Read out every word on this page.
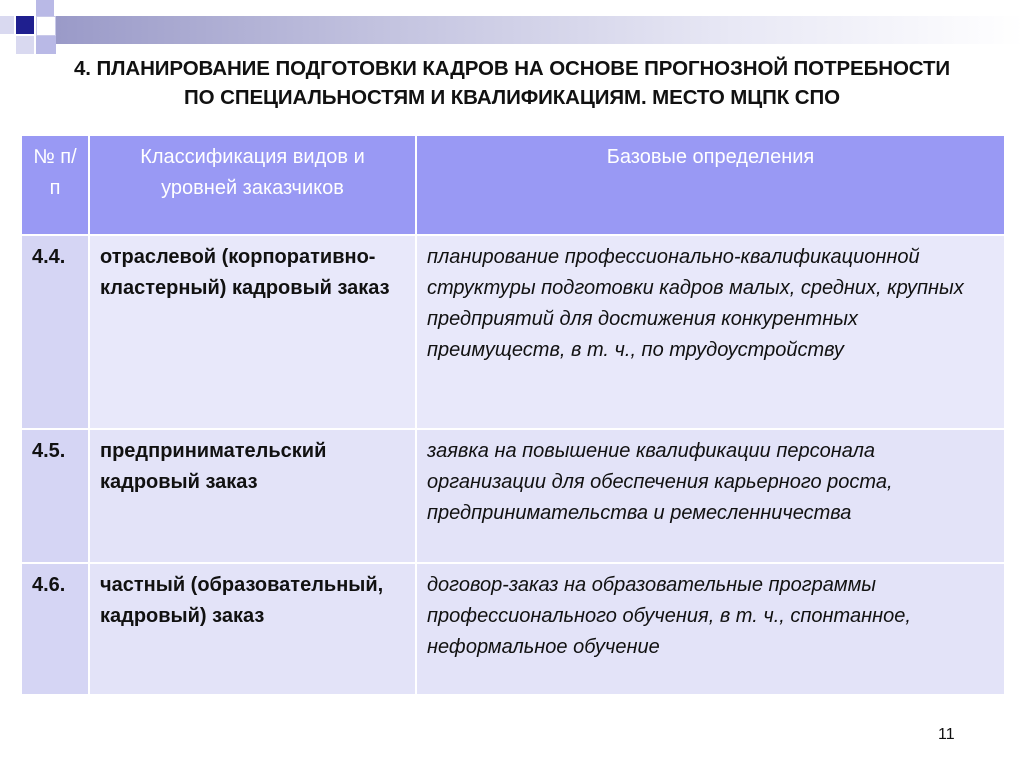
4. ПЛАНИРОВАНИЕ ПОДГОТОВКИ КАДРОВ НА ОСНОВЕ ПРОГНОЗНОЙ ПОТРЕБНОСТИ
ПО СПЕЦИАЛЬНОСТЯМ И КВАЛИФИКАЦИЯМ. МЕСТО МЦПК СПО
№ п/п	Классификация видов и уровней заказчиков	Базовые определения
4.4.	отраслевой (корпоративно-кластерный) кадровый заказ	планирование профессионально-квалификационной структуры подготовки кадров малых, средних, крупных предприятий для достижения конкурентных преимуществ, в т. ч., по трудоустройству
4.5.	предпринимательский кадровый заказ	заявка на повышение квалификации персонала организации для обеспечения карьерного роста, предпринимательства и ремесленничества
4.6.	частный (образовательный, кадровый) заказ	договор-заказ на образовательные программы профессионального обучения, в т. ч., спонтанное, неформальное обучение
11
